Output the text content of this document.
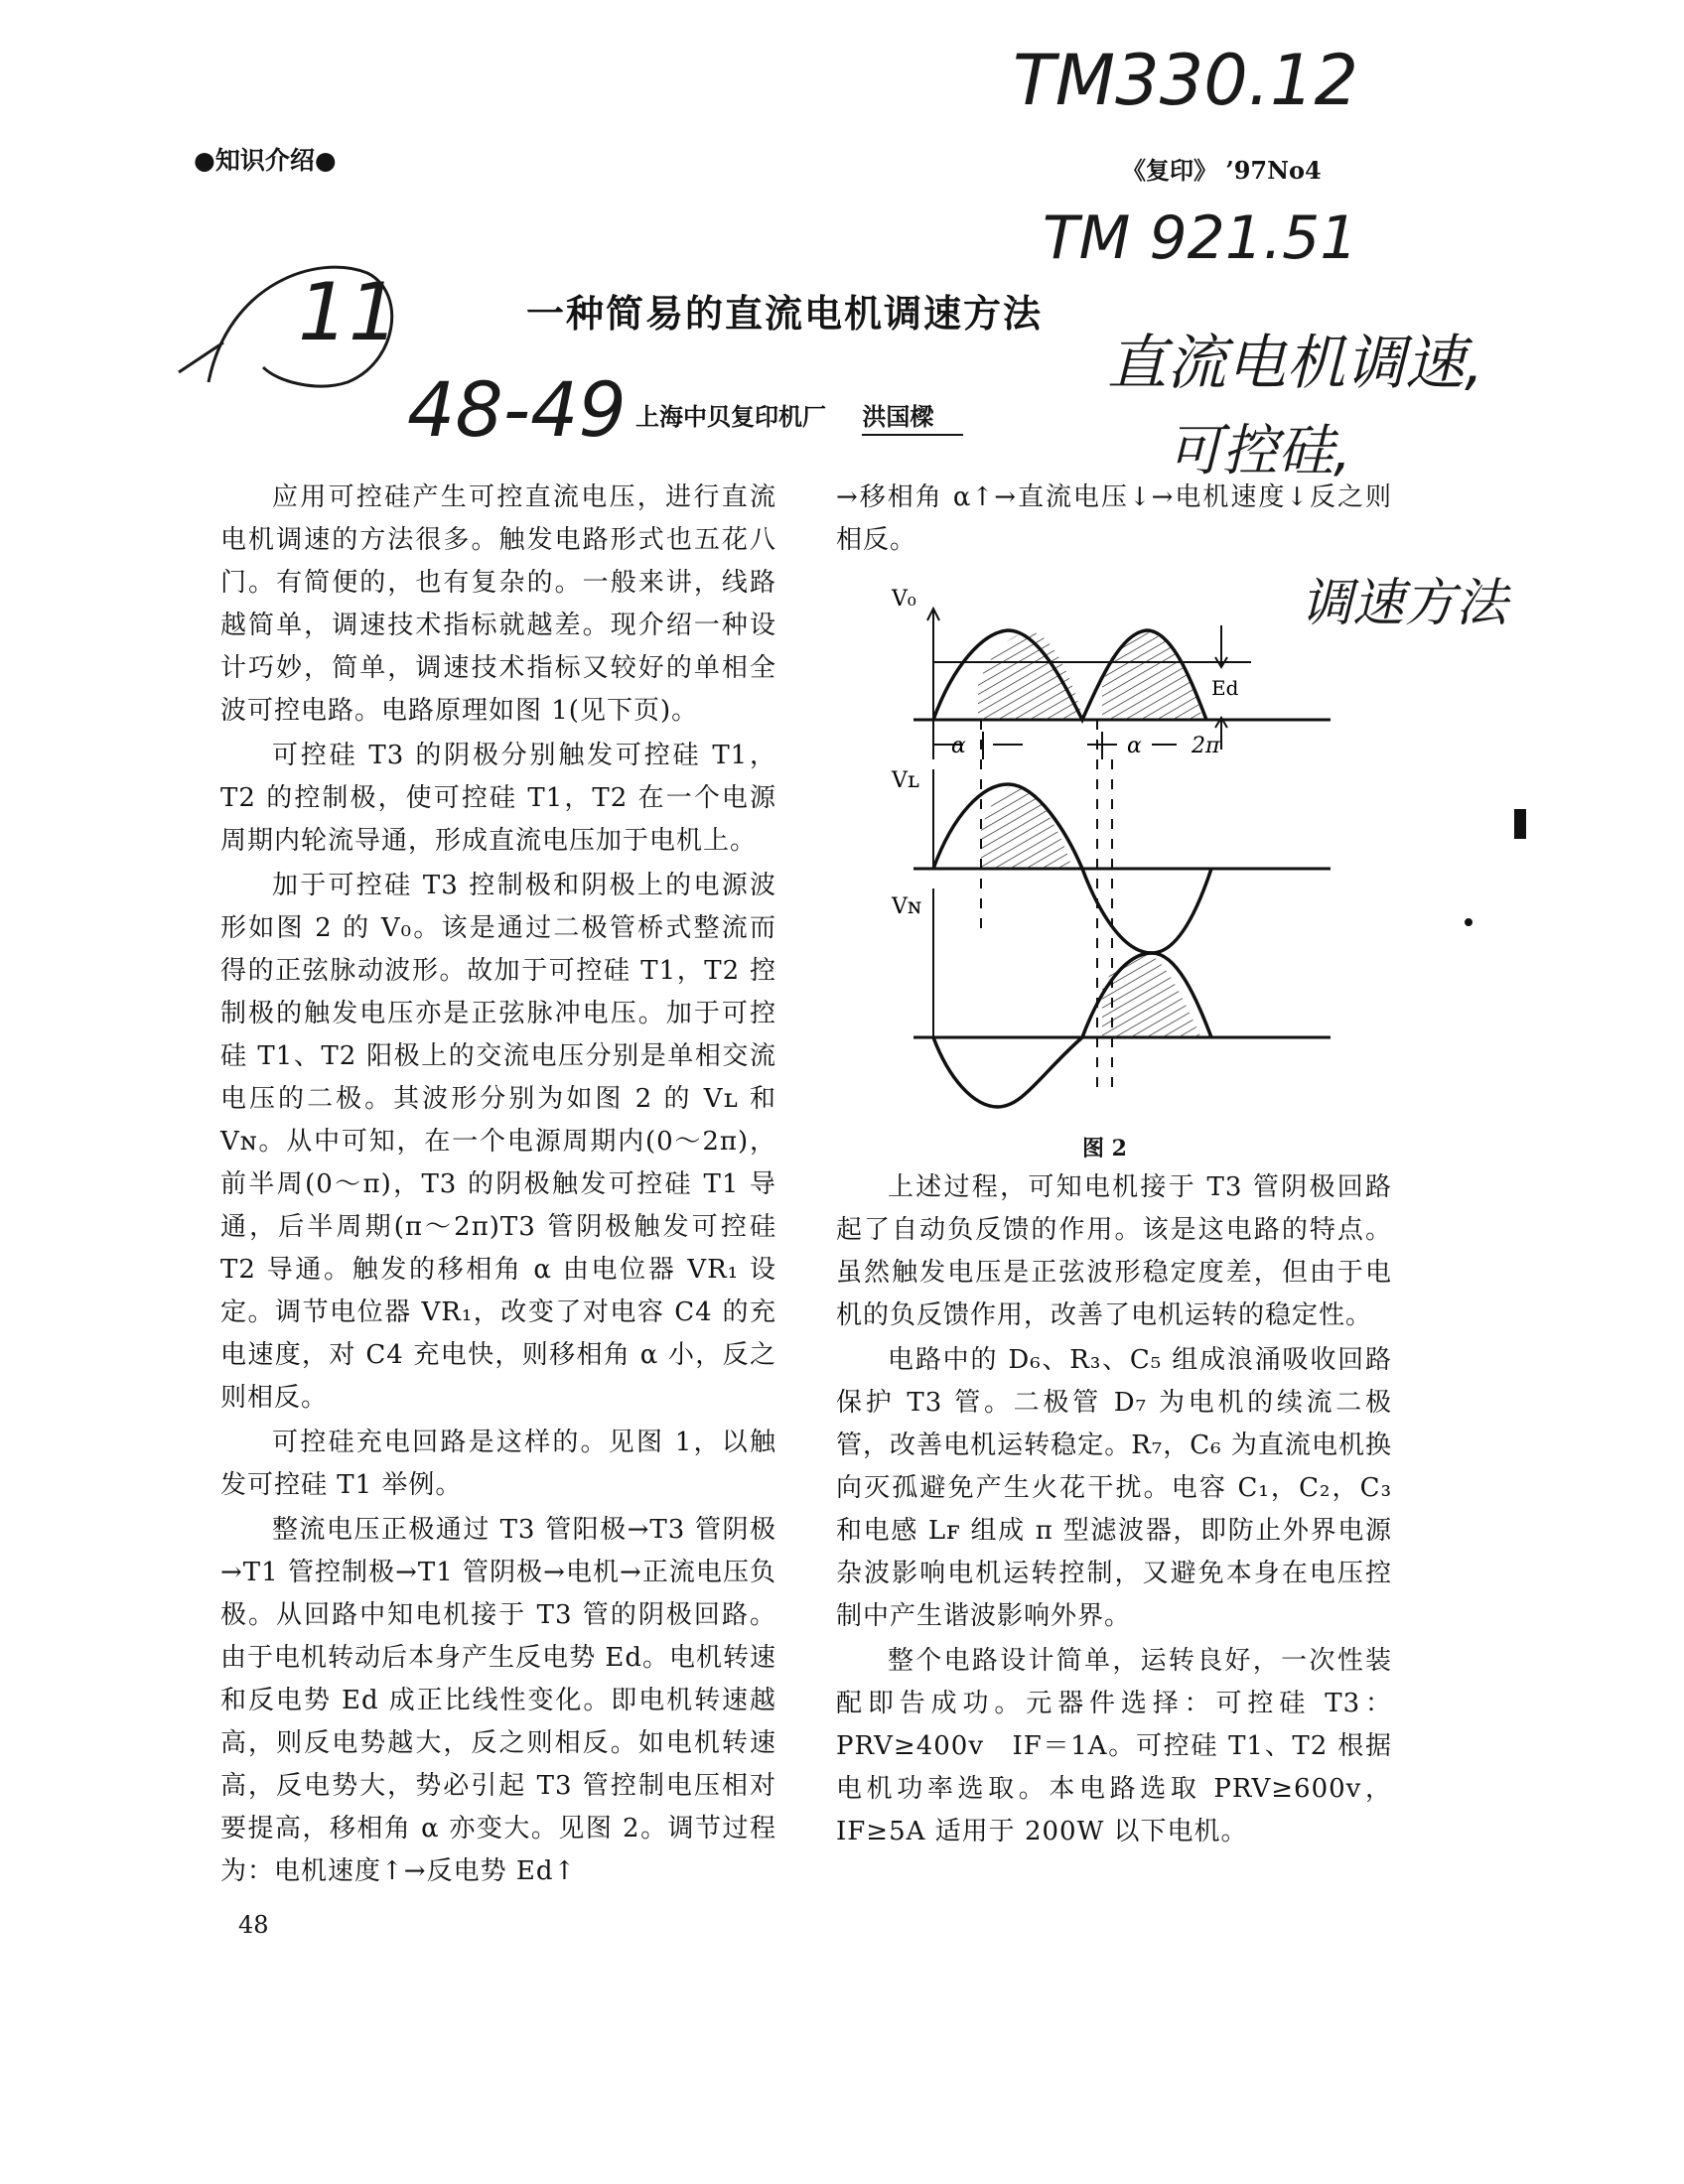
●知识介绍●	《复印》 ’97No4
TM330.12
TM 921.51
11
48-49
直流电机调速,
可控硅,
调速方法
一种简易的直流电机调速方法
上海中贝复印机厂 洪国樑

应用可控硅产生可控直流电压，进行直流电机调速的方法很多。触发电路形式也五花八门。有简便的，也有复杂的。一般来讲，线路越简单，调速技术指标就越差。现介绍一种设计巧妙，简单，调速技术指标又较好的单相全波可控电路。电路原理如图 1(见下页)。

可控硅 T3 的阴极分别触发可控硅 T1，T2 的控制极，使可控硅 T1，T2 在一个电源周期内轮流导通，形成直流电压加于电机上。

加于可控硅 T3 控制极和阴极上的电源波形如图 2 的 V₀。该是通过二极管桥式整流而得的正弦脉动波形。故加于可控硅 T1，T2 控制极的触发电压亦是正弦脉冲电压。加于可控硅 T1、T2 阳极上的交流电压分别是单相交流电压的二极。其波形分别为如图 2 的 Vʟ 和 Vɴ。从中可知，在一个电源周期内(0～2π)，前半周(0～π)，T3 的阴极触发可控硅 T1 导通，后半周期(π～2π)T3 管阴极触发可控硅 T2 导通。触发的移相角 α 由电位器 VR₁ 设定。调节电位器 VR₁，改变了对电容 C4 的充电速度，对 C4 充电快，则移相角 α 小，反之则相反。

可控硅充电回路是这样的。见图 1，以触发可控硅 T1 举例。

整流电压正极通过 T3 管阳极→T3 管阴极→T1 管控制极→T1 管阴极→电机→正流电压负极。从回路中知电机接于 T3 管的阴极回路。由于电机转动后本身产生反电势 Ed。电机转速和反电势 Ed 成正比线性变化。即电机转速越高，则反电势越大，反之则相反。如电机转速高，反电势大，势必引起 T3 管控制电压相对要提高，移相角 α 亦变大。见图 2。调节过程为：电机速度↑→反电势 Ed↑

48

→移相角 α↑→直流电压↓→电机速度↓反之则相反。

V₀
Ed
α	α 2π
Vʟ
Vɴ
图 2

上述过程，可知电机接于 T3 管阴极回路起了自动负反馈的作用。该是这电路的特点。虽然触发电压是正弦波形稳定度差，但由于电机的负反馈作用，改善了电机运转的稳定性。

电路中的 D₆、R₃、C₅ 组成浪涌吸收回路保护 T3 管。二极管 D₇ 为电机的续流二极管，改善电机运转稳定。R₇，C₆ 为直流电机换向灭孤避免产生火花干扰。电容 C₁，C₂，C₃ 和电感 Lꜰ 组成 π 型滤波器，即防止外界电源杂波影响电机运转控制，又避免本身在电压控制中产生谐波影响外界。

整个电路设计简单，运转良好，一次性装配即告成功。元器件选择：可控硅 T3：PRV≥400v　IF＝1A。可控硅 T1、T2 根据电机功率选取。本电路选取 PRV≥600v，IF≥5A 适用于 200W 以下电机。
